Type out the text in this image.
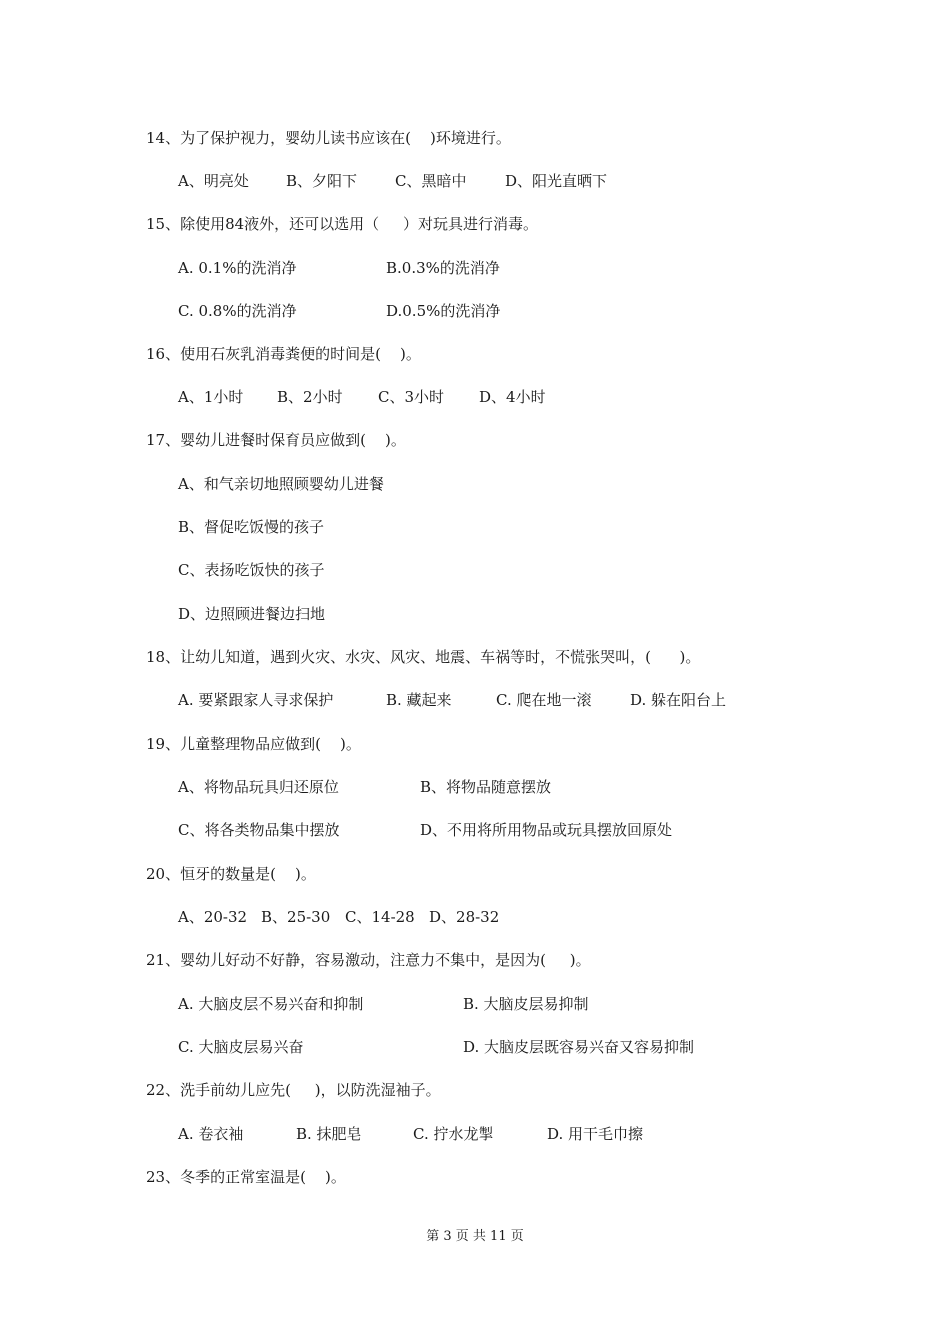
14、为了保护视力，婴幼儿读书应该在(    )环境进行。
A、明亮处 B、夕阳下	C、黑暗中	D、阳光直晒下
15、除使用84液外，还可以选用（     ）对玩具进行消毒。
A. 0.1%的洗消净	B.0.3%的洗消净
C. 0.8%的洗消净	D.0.5%的洗消净
16、使用石灰乳消毒粪便的时间是(    )。
A、1小时 B、2小时 C、3小时 D、4小时
17、婴幼儿进餐时保育员应做到(    )。
A、和气亲切地照顾婴幼儿进餐
B、督促吃饭慢的孩子
C、表扬吃饭快的孩子
D、边照顾进餐边扫地
18、让幼儿知道，遇到火灾、水灾、风灾、地震、车祸等时，不慌张哭叫，(      )。
A. 要紧跟家人寻求保护	B. 藏起来	C. 爬在地一滚	D. 躲在阳台上
19、儿童整理物品应做到(    )。
A、将物品玩具归还原位	B、将物品随意摆放
C、将各类物品集中摆放	D、不用将所用物品或玩具摆放回原处
20、恒牙的数量是(    )。
A、20-32 B、25-30 C、14-28 D、28-32
21、婴幼儿好动不好静，容易激动，注意力不集中，是因为(     )。
A. 大脑皮层不易兴奋和抑制	B. 大脑皮层易抑制
C. 大脑皮层易兴奋	D. 大脑皮层既容易兴奋又容易抑制
22、洗手前幼儿应先(     )，以防洗湿袖子。
A. 卷衣袖	B. 抹肥皂	C. 拧水龙掣	D. 用干毛巾擦
23、冬季的正常室温是(    )。
第 3 页 共 11 页
